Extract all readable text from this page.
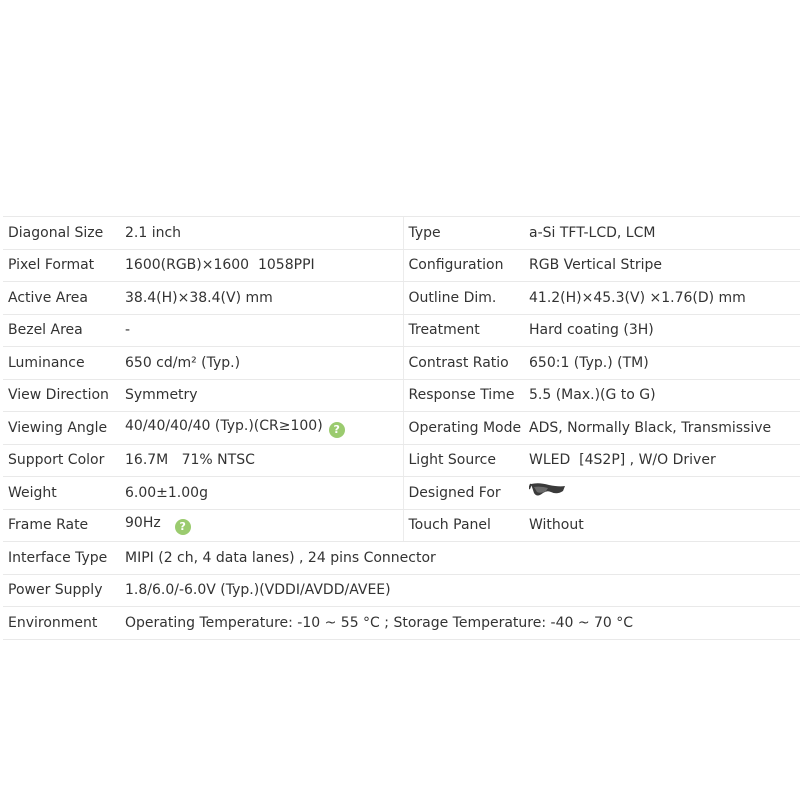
Diagonal Size	2.1 inch	Type	a-Si TFT-LCD, LCM
Pixel Format	1600(RGB)×1600  1058PPI	Configuration	RGB Vertical Stripe
Active Area	38.4(H)×38.4(V) mm	Outline Dim.	41.2(H)×45.3(V) ×1.76(D) mm
Bezel Area	-	Treatment	Hard coating (3H)
Luminance	650 cd/m² (Typ.)	Contrast Ratio	650:1 (Typ.) (TM)
View Direction	Symmetry	Response Time	5.5 (Max.)(G to G)
Viewing Angle	40/40/40/40 (Typ.)(CR≥100) ?	Operating Mode	ADS, Normally Black, Transmissive
Support Color	16.7M   71% NTSC	Light Source	WLED  [4S2P] , W/O Driver
Weight	6.00±1.00g	Designed For	
Frame Rate	90Hz ?	Touch Panel	Without
Interface Type	MIPI (2 ch, 4 data lanes) , 24 pins Connector		
Power Supply	1.8/6.0/-6.0V (Typ.)(VDDI/AVDD/AVEE)		
Environment	Operating Temperature: -10 ~ 55 °C ; Storage Temperature: -40 ~ 70 °C		
